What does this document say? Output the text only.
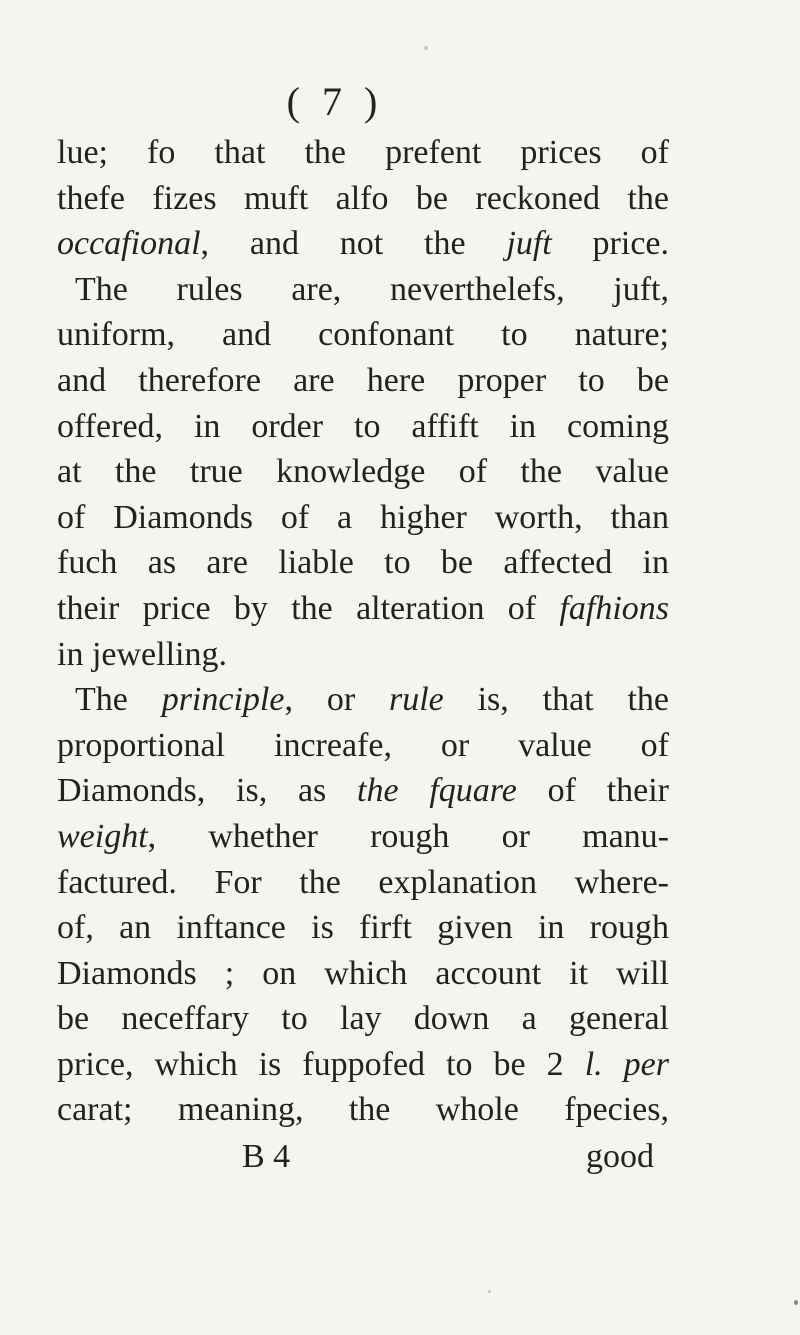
( 7 )
lue; fo that the prefent prices of
thefe fizes muft alfo be reckoned the
occafional, and not the juft price.
The rules are, neverthelefs, juft,
uniform, and confonant to nature;
and therefore are here proper to be
offered, in order to affift in coming
at the true knowledge of the value
of Diamonds of a higher worth, than
fuch as are liable to be affected in
their price by the alteration of fafhions
in jewelling.
The principle, or rule is, that the
proportional increafe, or value of
Diamonds, is, as the fquare of their
weight, whether rough or manu-
factured. For the explanation where-
of, an inftance is firft given in rough
Diamonds ; on which account it will
be neceffary to lay down a general
price, which is fuppofed to be 2 l. per
carat; meaning, the whole fpecies,
B 4	good
